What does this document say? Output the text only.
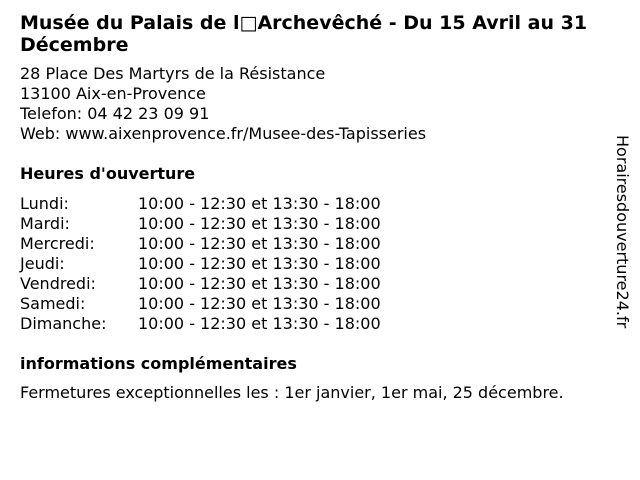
Musée du Palais de l□Archevêché - Du 15 Avril au 31 Décembre
28 Place Des Martyrs de la Résistance
13100 Aix-en-Provence
Telefon: 04 42 23 09 91
Web: www.aixenprovence.fr/Musee-des-Tapisseries
Heures d'ouverture
Lundi:	10:00 - 12:30 et 13:30 - 18:00
Mardi:	10:00 - 12:30 et 13:30 - 18:00
Mercredi:	10:00 - 12:30 et 13:30 - 18:00
Jeudi:	10:00 - 12:30 et 13:30 - 18:00
Vendredi:	10:00 - 12:30 et 13:30 - 18:00
Samedi:	10:00 - 12:30 et 13:30 - 18:00
Dimanche: 10:00 - 12:30 et 13:30 - 18:00
informations complémentaires
Fermetures exceptionnelles les : 1er janvier, 1er mai, 25 décembre.
Horairesdouverture24.fr
